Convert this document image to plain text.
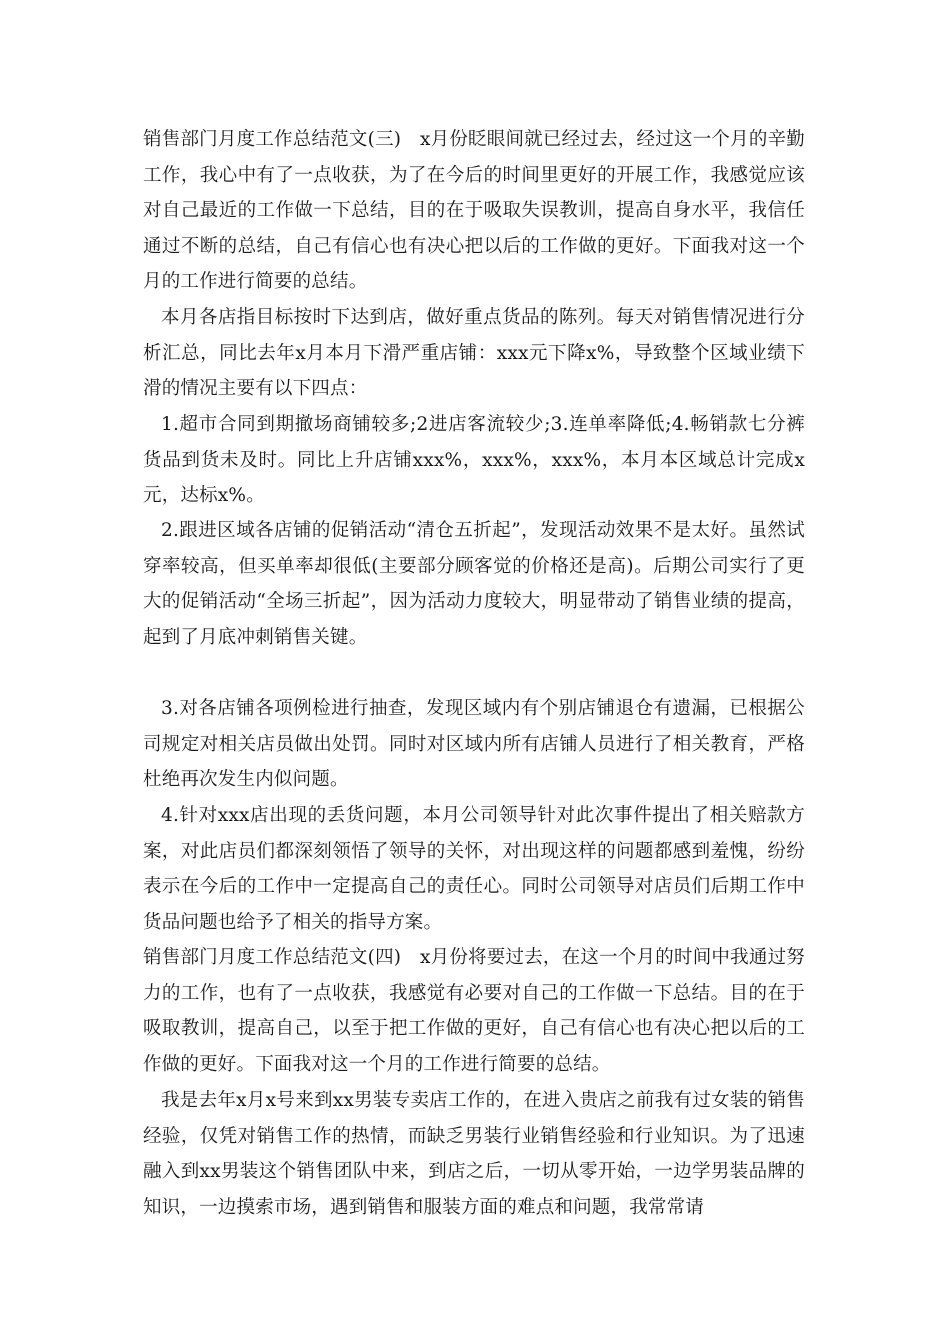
销售部门月度工作总结范文(三)　x月份眨眼间就已经过去，经过这一个月的辛勤工作，我心中有了一点收获，为了在今后的时间里更好的开展工作，我感觉应该对自己最近的工作做一下总结，目的在于吸取失误教训，提高自身水平，我信任通过不断的总结，自己有信心也有决心把以后的工作做的更好。下面我对这一个月的工作进行简要的总结。

本月各店指目标按时下达到店，做好重点货品的陈列。每天对销售情况进行分析汇总，同比去年x月本月下滑严重店铺：xxx元下降x%，导致整个区域业绩下滑的情况主要有以下四点：

1.超市合同到期撤场商铺较多;2进店客流较少;3.连单率降低;4.畅销款七分裤货品到货未及时。同比上升店铺xxx%，xxx%，xxx%，本月本区域总计完成x元，达标x%。

2.跟进区域各店铺的促销活动“清仓五折起”，发现活动效果不是太好。虽然试穿率较高，但买单率却很低(主要部分顾客觉的价格还是高)。后期公司实行了更大的促销活动“全场三折起”，因为活动力度较大，明显带动了销售业绩的提高，起到了月底冲刺销售关键。

3.对各店铺各项例检进行抽查，发现区域内有个别店铺退仓有遗漏，已根据公司规定对相关店员做出处罚。同时对区域内所有店铺人员进行了相关教育，严格杜绝再次发生内似问题。

4.针对xxx店出现的丢货问题，本月公司领导针对此次事件提出了相关赔款方案，对此店员们都深刻领悟了领导的关怀，对出现这样的问题都感到羞愧，纷纷表示在今后的工作中一定提高自己的责任心。同时公司领导对店员们后期工作中货品问题也给予了相关的指导方案。

销售部门月度工作总结范文(四)　x月份将要过去，在这一个月的时间中我通过努力的工作，也有了一点收获，我感觉有必要对自己的工作做一下总结。目的在于吸取教训，提高自己，以至于把工作做的更好，自己有信心也有决心把以后的工作做的更好。下面我对这一个月的工作进行简要的总结。

我是去年x月x号来到xx男装专卖店工作的，在进入贵店之前我有过女装的销售经验，仅凭对销售工作的热情，而缺乏男装行业销售经验和行业知识。为了迅速融入到xx男装这个销售团队中来，到店之后，一切从零开始，一边学男装品牌的知识，一边摸索市场，遇到销售和服装方面的难点和问题，我常常请
